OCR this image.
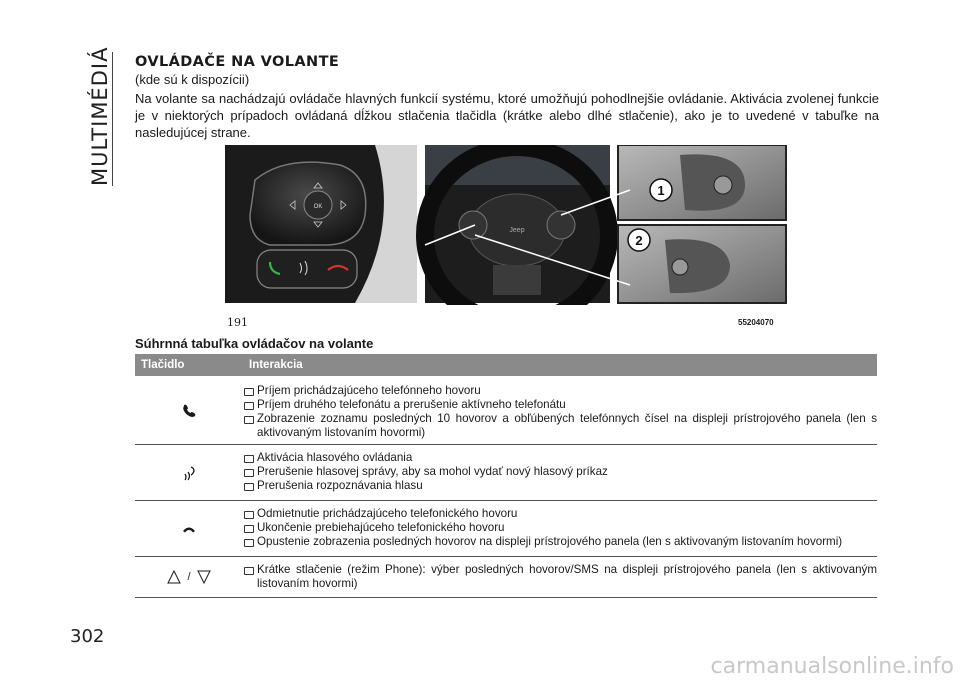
MULTIMÉDIÁ
302
OVLÁDAČE NA VOLANTE
(kde sú k dispozícii)
Na volante sa nachádzajú ovládače hlavných funkcií systému, ktoré umožňujú pohodlnejšie ovládanie. Aktivácia zvolenej funkcie je v niektorých prípadoch ovládaná dĺžkou stlačenia tlačidla (krátke alebo dlhé stlačenie), ako je to uvedené v tabuľke na nasledujúcej strane.
OK
Jeep
1
2
191	55204070
Súhrnná tabuľka ovládačov na volante
Tlačidlo	Interakcia
Príjem prichádzajúceho telefónneho hovoru
Príjem druhého telefonátu a prerušenie aktívneho telefonátu
Zobrazenie zoznamu posledných 10 hovorov a obľúbených telefónnych čísel na displeji prístrojového panela (len s aktivovaným listovaním hovormi)
Aktivácia hlasového ovládania
Prerušenie hlasovej správy, aby sa mohol vydať nový hlasový príkaz
Prerušenia rozpoznávania hlasu
Odmietnutie prichádzajúceho telefonického hovoru
Ukončenie prebiehajúceho telefonického hovoru
Opustenie zobrazenia posledných hovorov na displeji prístrojového panela (len s aktivovaným listovaním hovormi)
/
Krátke stlačenie (režim Phone): výber posledných hovorov/SMS na displeji prístrojového panela (len s aktivovaným listovaním hovormi)
carmanualsonline.info
